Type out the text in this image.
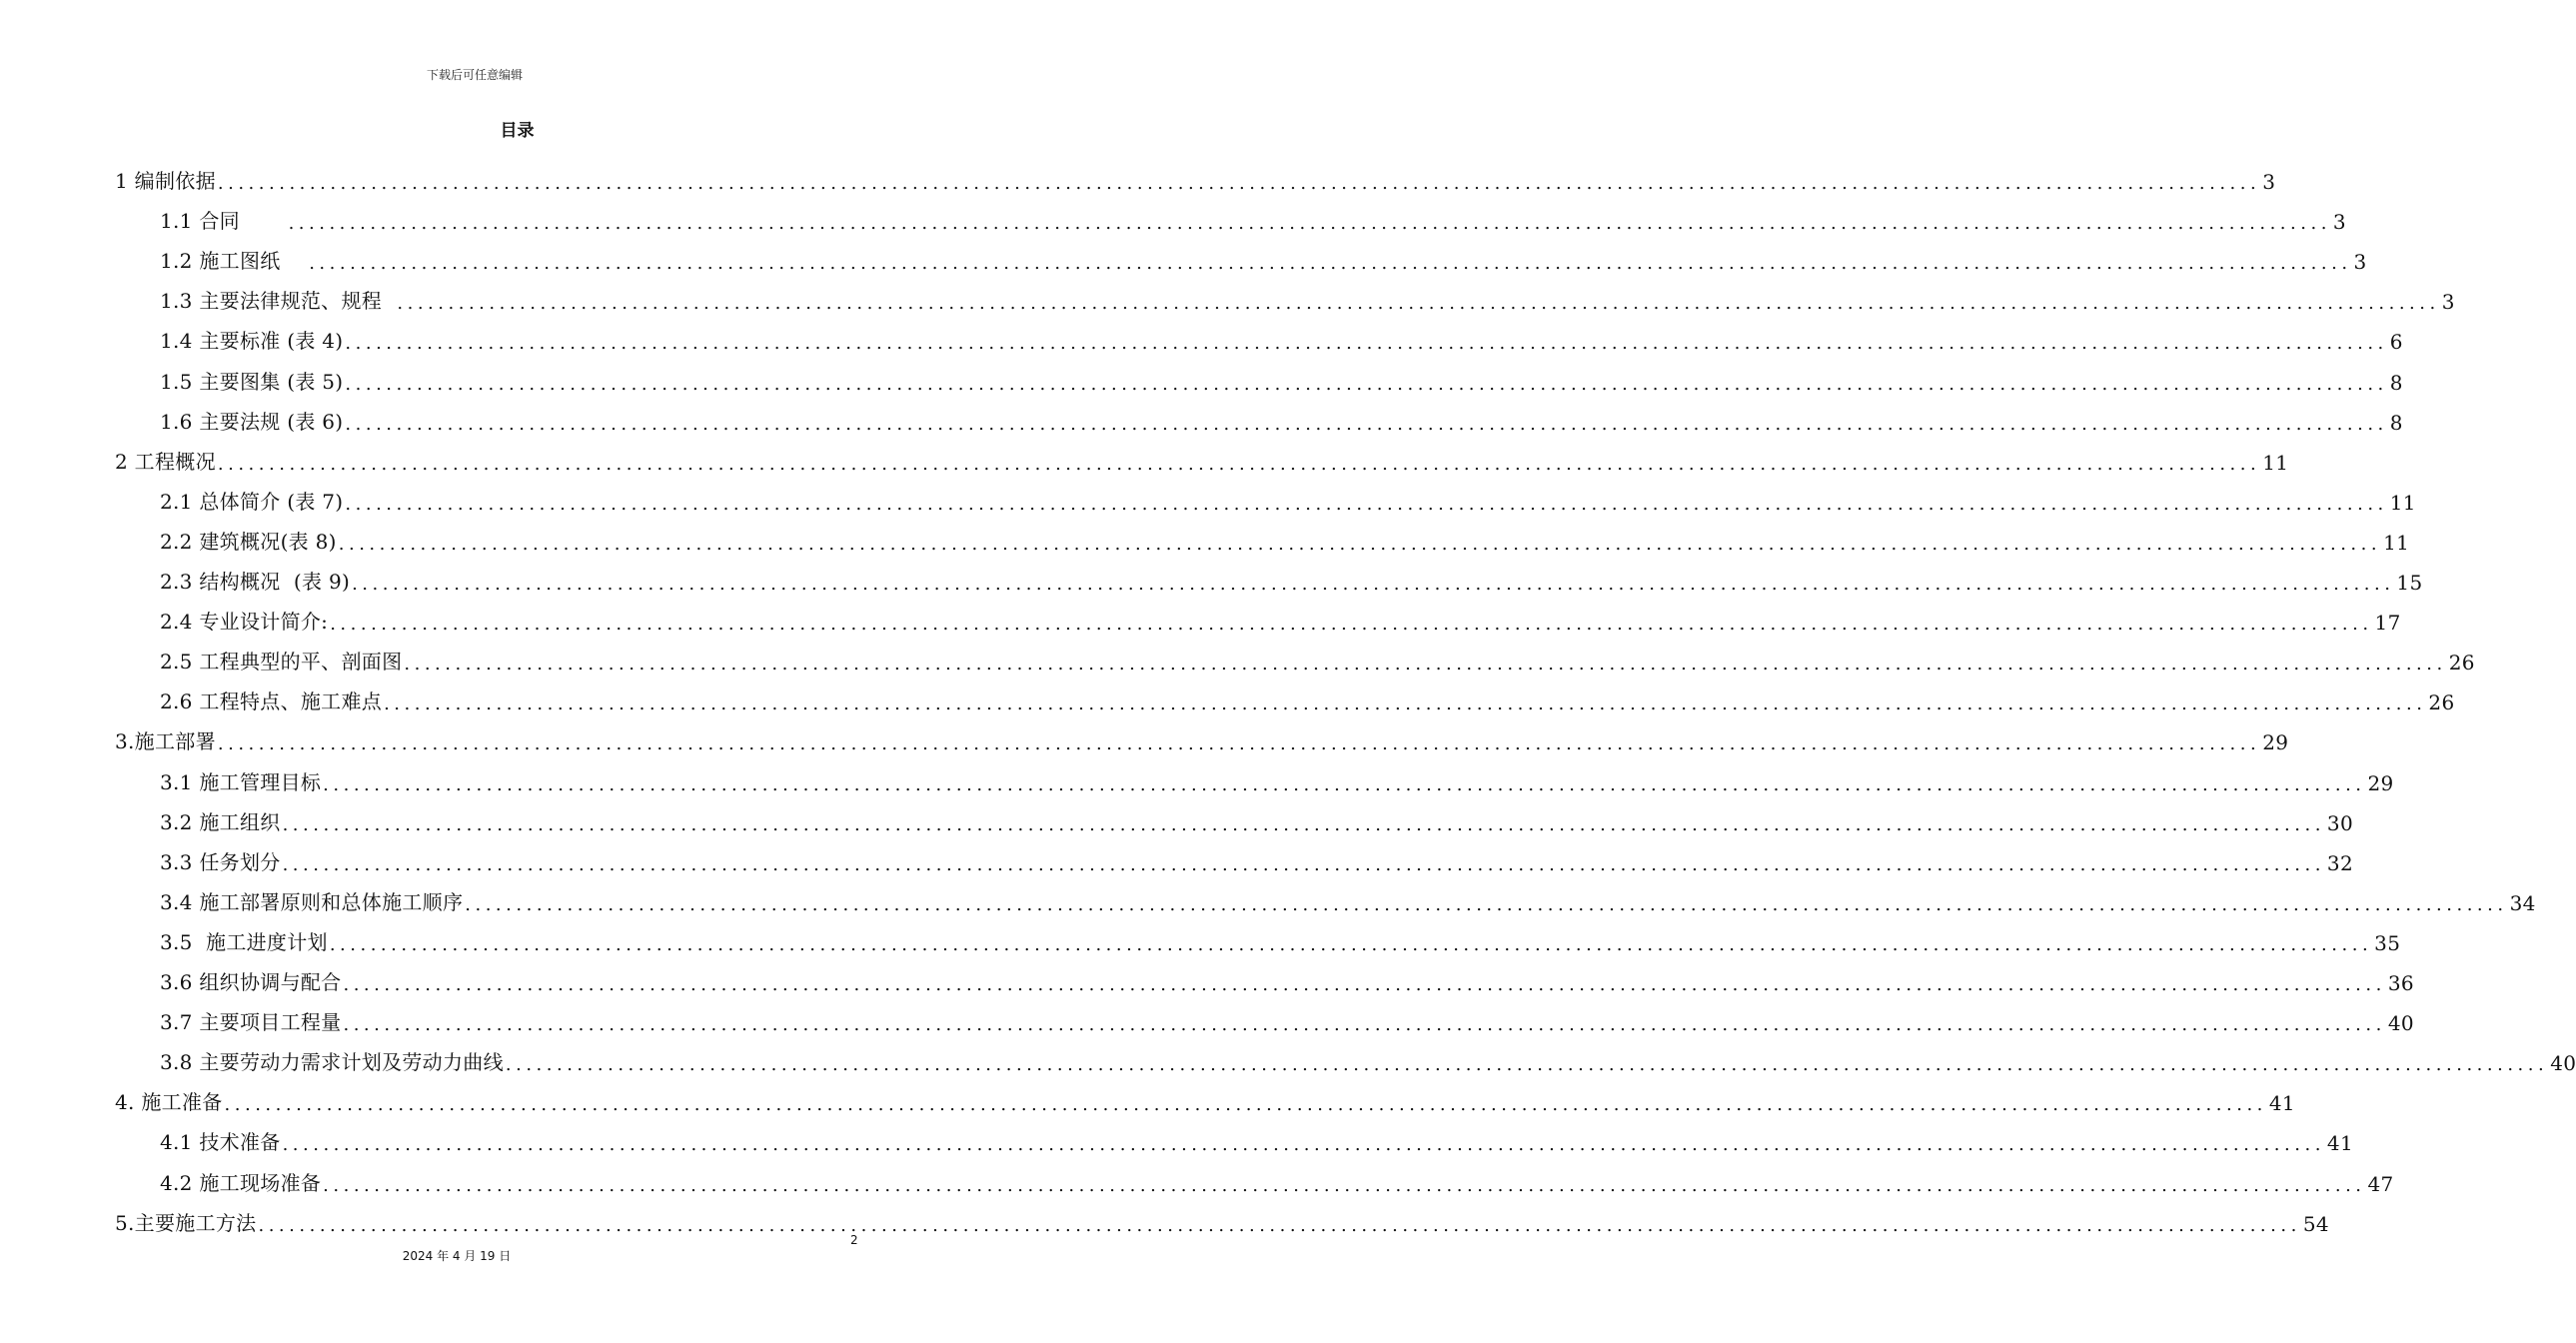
下载后可任意编辑
目录
1 编制依据 ........................................................................................................................................................................................................ 3
1.1 合同 ........................................................................................................................................................................................................ 3
1.2 施工图纸 ........................................................................................................................................................................................................ 3
1.3 主要法律规范、规程 ........................................................................................................................................................................................................ 3
1.4 主要标准 (表 4) ........................................................................................................................................................................................................ 6
1.5 主要图集 (表 5) ........................................................................................................................................................................................................ 8
1.6 主要法规 (表 6) ........................................................................................................................................................................................................ 8
2 工程概况 ........................................................................................................................................................................................................ 11
2.1 总体简介 (表 7) ........................................................................................................................................................................................................ 11
2.2 建筑概况(表 8) ........................................................................................................................................................................................................ 11
2.3 结构概况  (表 9) ........................................................................................................................................................................................................ 15
2.4 专业设计简介: ........................................................................................................................................................................................................ 17
2.5 工程典型的平、剖面图 ........................................................................................................................................................................................................ 26
2.6 工程特点、施工难点 ........................................................................................................................................................................................................ 26
3.施工部署 ........................................................................................................................................................................................................ 29
3.1 施工管理目标 ........................................................................................................................................................................................................ 29
3.2 施工组织 ........................................................................................................................................................................................................ 30
3.3 任务划分 ........................................................................................................................................................................................................ 32
3.4 施工部署原则和总体施工顺序 ........................................................................................................................................................................................................ 34
3.5  施工进度计划 ........................................................................................................................................................................................................ 35
3.6 组织协调与配合 ........................................................................................................................................................................................................ 36
3.7 主要项目工程量 ........................................................................................................................................................................................................ 40
3.8 主要劳动力需求计划及劳动力曲线 ........................................................................................................................................................................................................ 40
4. 施工准备 ........................................................................................................................................................................................................ 41
4.1 技术准备 ........................................................................................................................................................................................................ 41
4.2 施工现场准备 ........................................................................................................................................................................................................ 47
5.主要施工方法 ........................................................................................................................................................................................................ 54
2
2024 年 4 月 19 日
